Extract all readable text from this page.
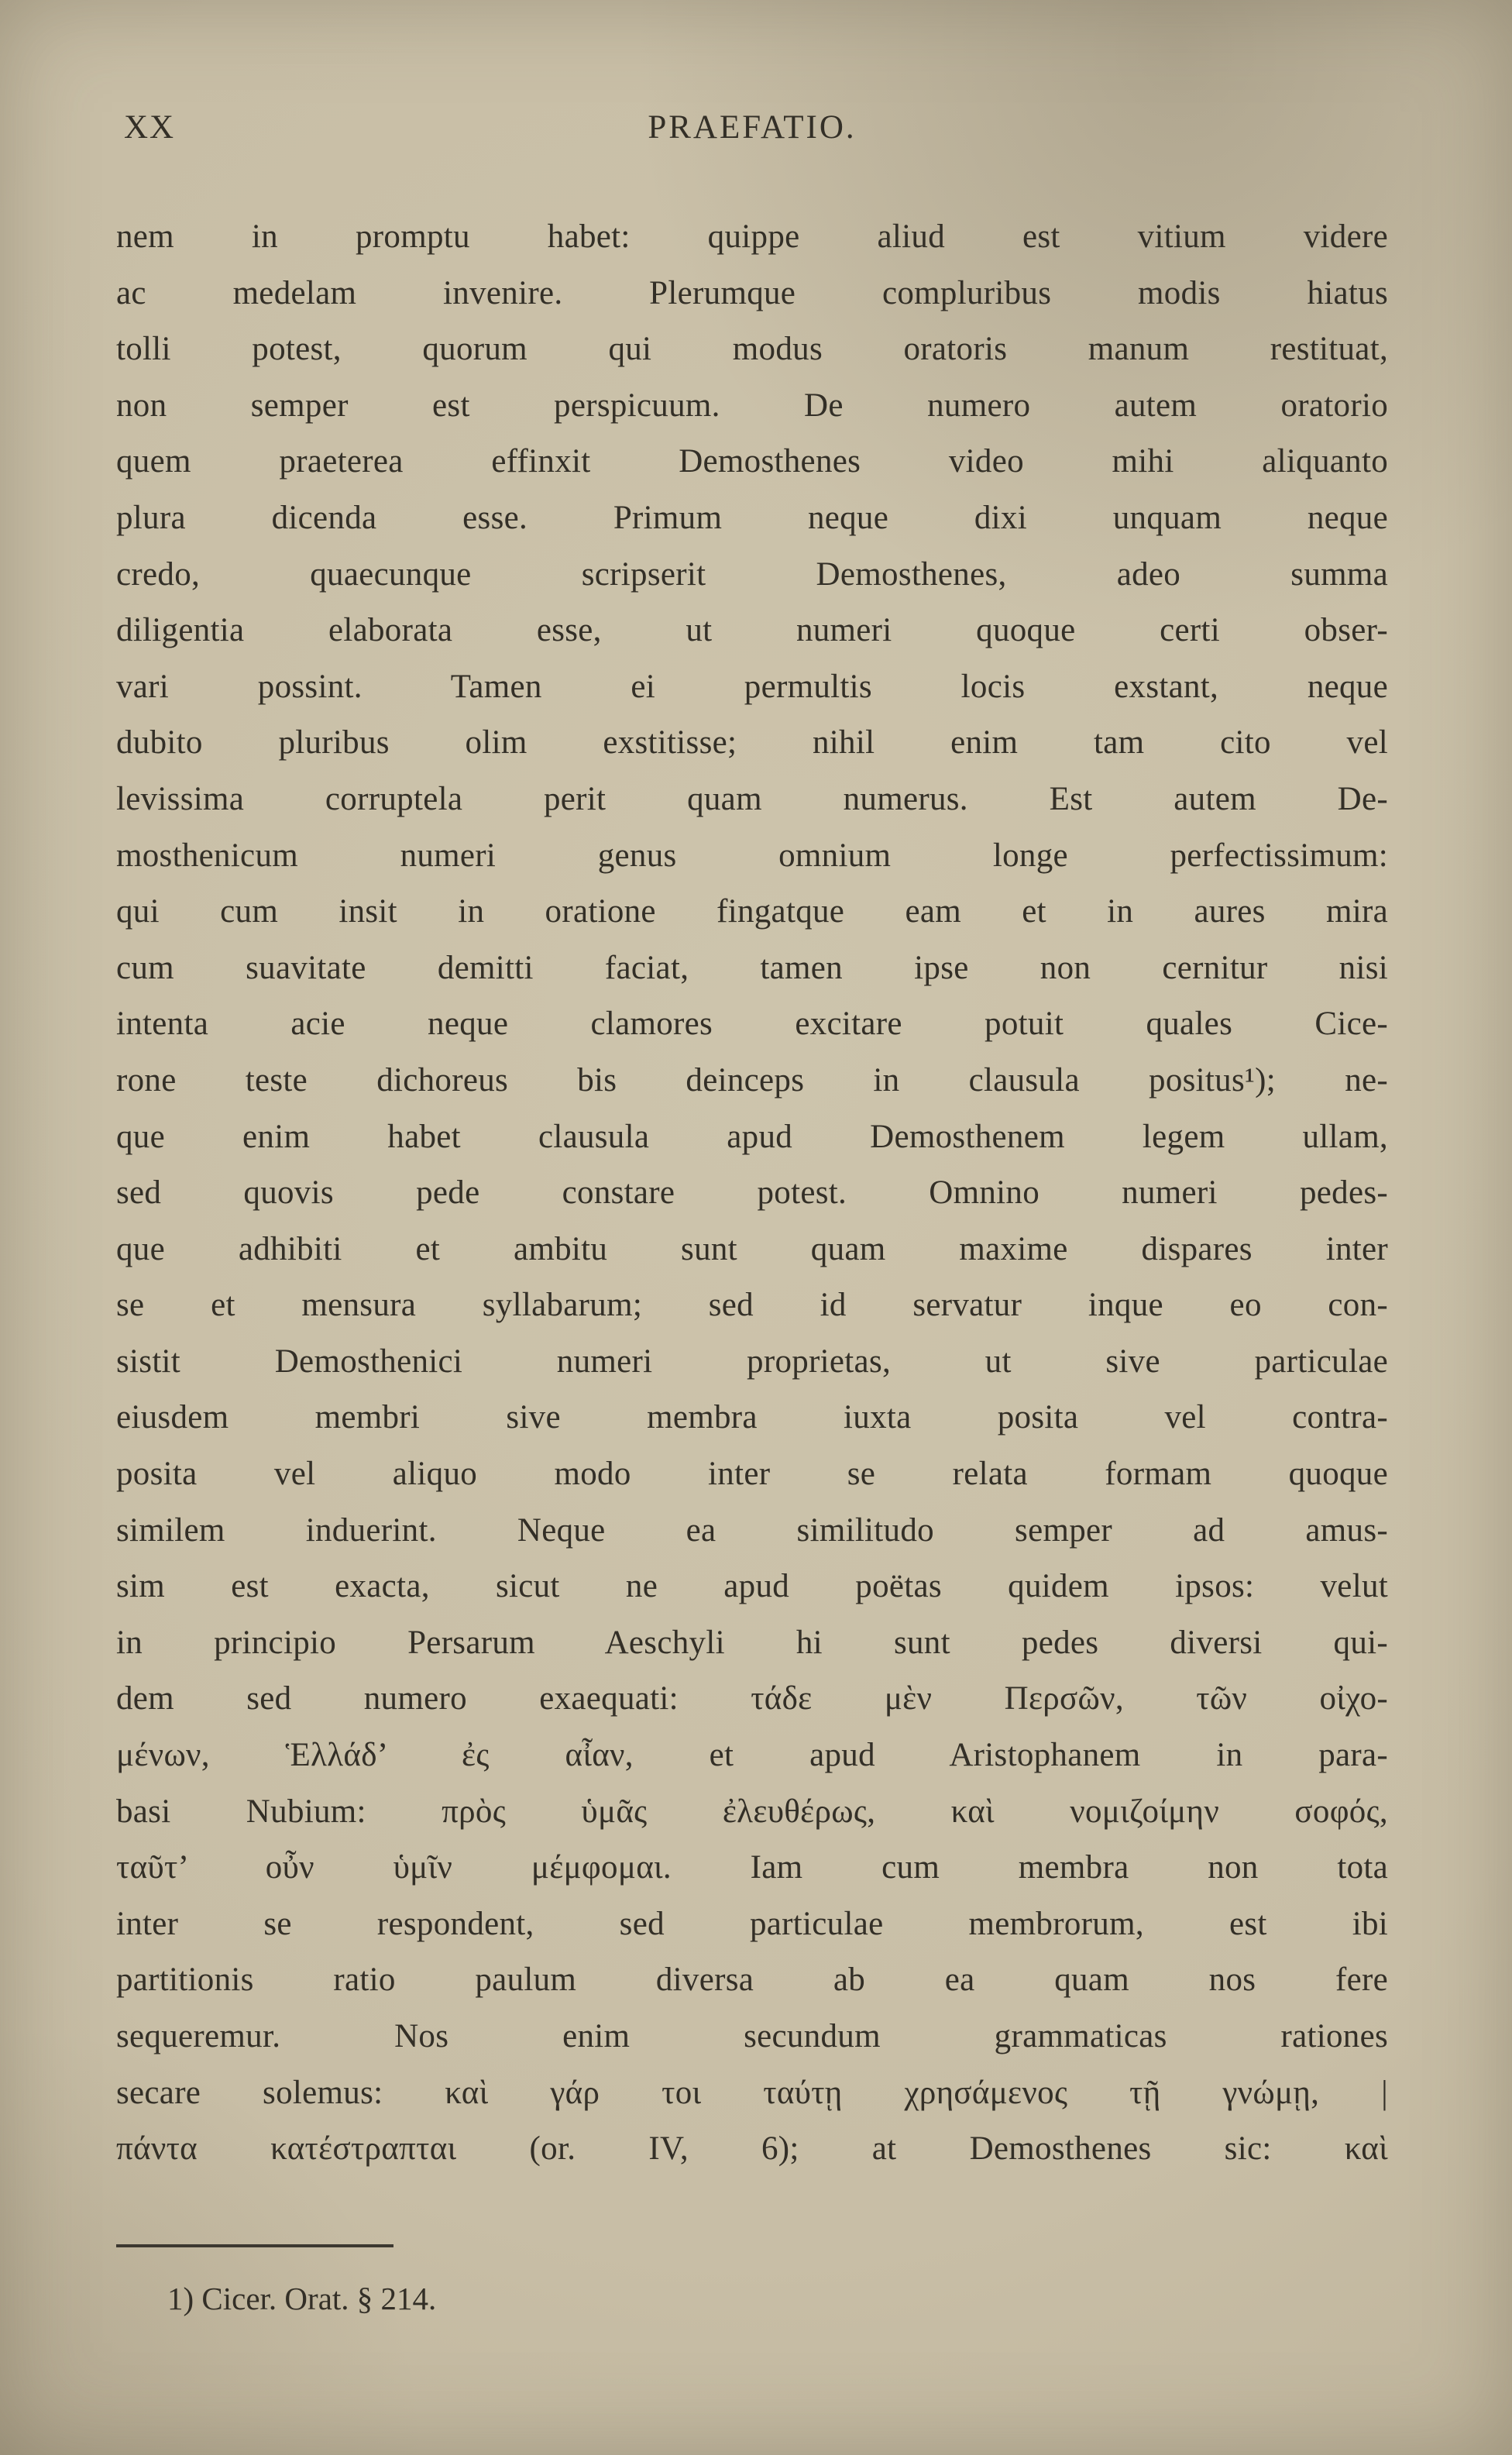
XX	PRAEFATIO.
nem in promptu habet: quippe aliud est vitium videre
ac medelam invenire. Plerumque compluribus modis hiatus
tolli potest, quorum qui modus oratoris manum restituat,
non semper est perspicuum. De numero autem oratorio
quem praeterea effinxit Demosthenes video mihi aliquanto
plura dicenda esse. Primum neque dixi unquam neque
credo, quaecunque scripserit Demosthenes, adeo summa
diligentia elaborata esse, ut numeri quoque certi obser-
vari possint. Tamen ei permultis locis exstant, neque
dubito pluribus olim exstitisse; nihil enim tam cito vel
levissima corruptela perit quam numerus. Est autem De-
mosthenicum numeri genus omnium longe perfectissimum:
qui cum insit in oratione fingatque eam et in aures mira
cum suavitate demitti faciat, tamen ipse non cernitur nisi
intenta acie neque clamores excitare potuit quales Cice-
rone teste dichoreus bis deinceps in clausula positus¹); ne-
que enim habet clausula apud Demosthenem legem ullam,
sed quovis pede constare potest. Omnino numeri pedes-
que adhibiti et ambitu sunt quam maxime dispares inter
se et mensura syllabarum; sed id servatur inque eo con-
sistit Demosthenici numeri proprietas, ut sive particulae
eiusdem membri sive membra iuxta posita vel contra-
posita vel aliquo modo inter se relata formam quoque
similem induerint. Neque ea similitudo semper ad amus-
sim est exacta, sicut ne apud poëtas quidem ipsos: velut
in principio Persarum Aeschyli hi sunt pedes diversi qui-
dem sed numero exaequati: τάδε μὲν Περσῶν, τῶν οἰχο-
μένων, Ἑλλάδ’ ἐς αἶαν, et apud Aristophanem in para-
basi Nubium: πρὸς ὑμᾶς ἐλευθέρως, καὶ νομιζοίμην σοφός,
ταῦτ’ οὖν ὑμῖν μέμφομαι. Iam cum membra non tota
inter se respondent, sed particulae membrorum, est ibi
partitionis ratio paulum diversa ab ea quam nos fere
sequeremur. Nos enim secundum grammaticas rationes
secare solemus: καὶ γάρ τοι ταύτῃ χρησάμενος τῇ γνώμῃ, |
πάντα κατέστραπται (or. IV, 6); at Demosthenes sic: καὶ
1) Cicer. Orat. § 214.
